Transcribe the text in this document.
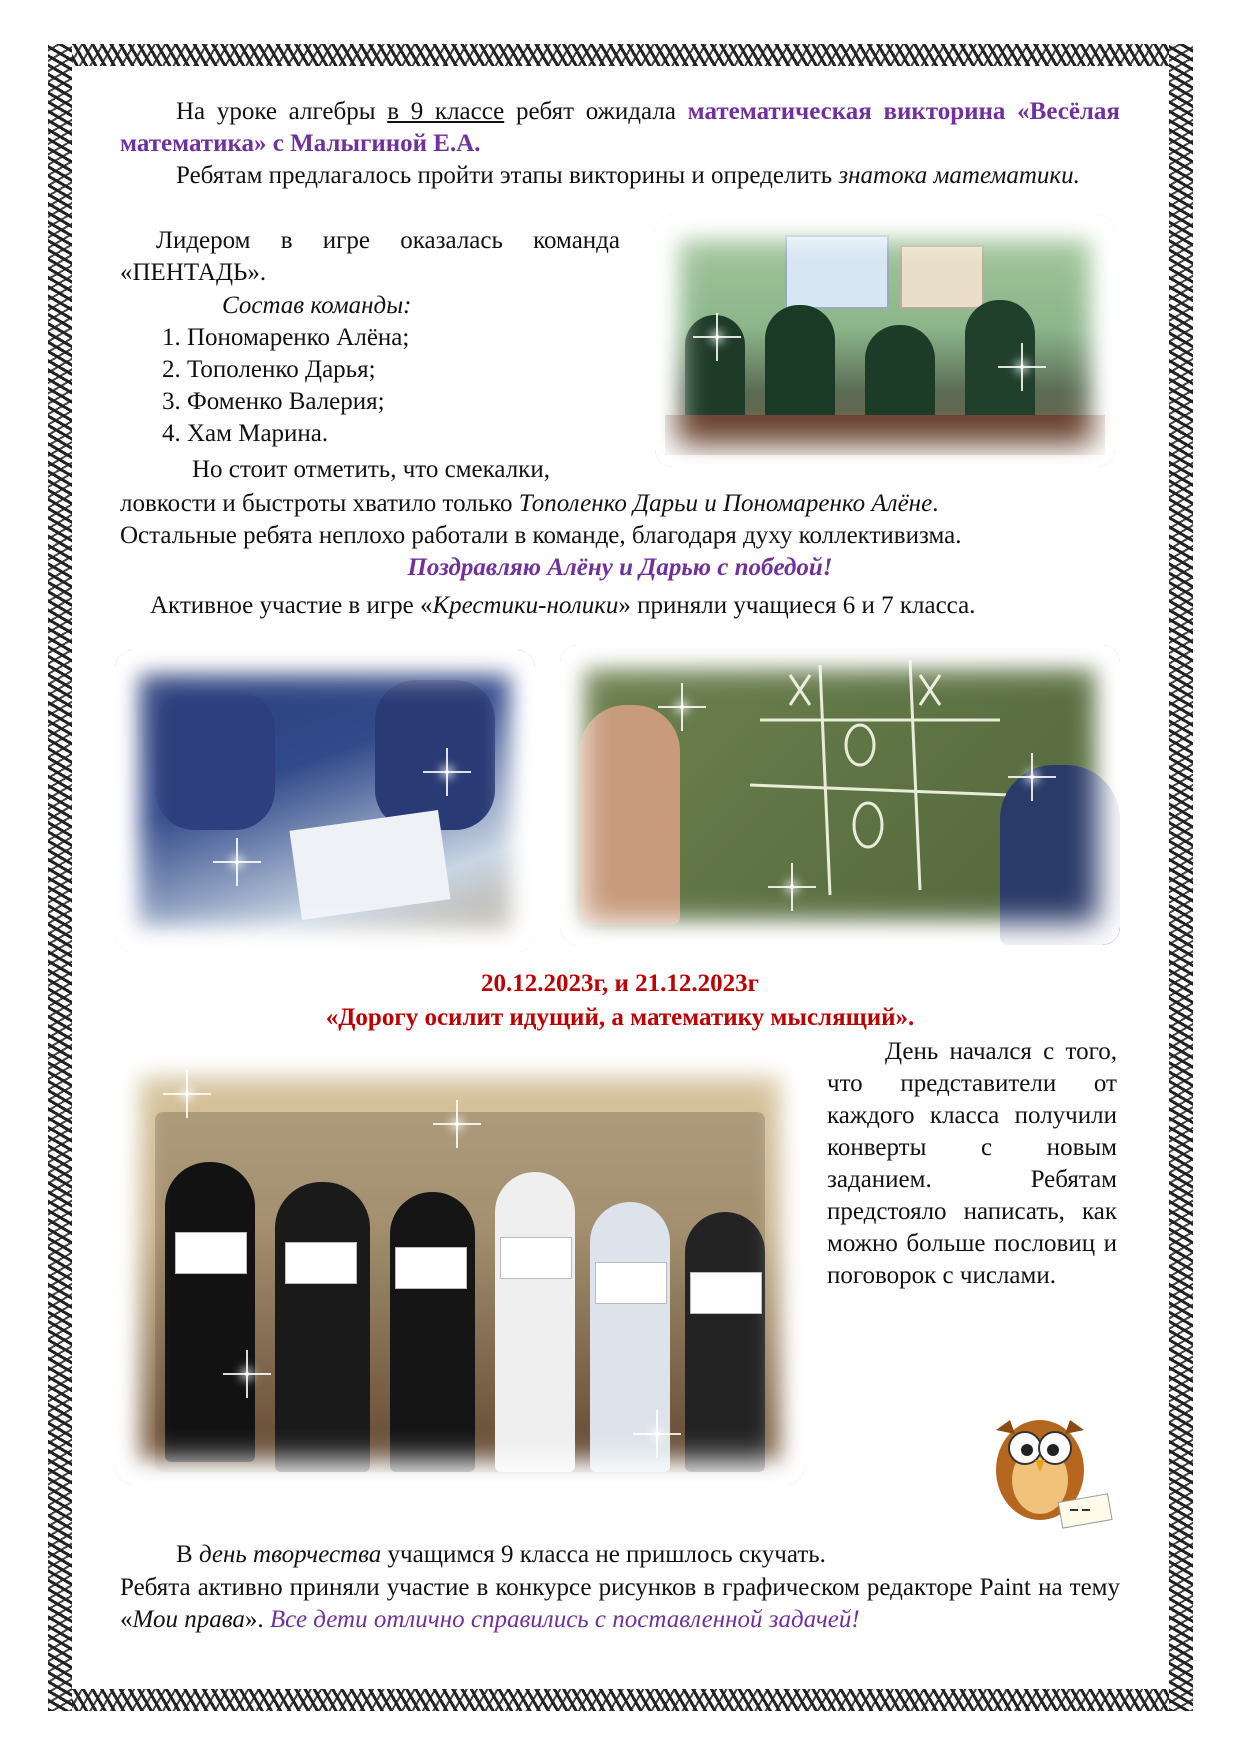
На уроке алгебры в 9 классе ребят ожидала математическая викторина «Весёлая математика» с Малыгиной Е.А.
Ребятам предлагалось пройти этапы викторины и определить знатока математики.
Лидером в игре оказалась команда «ПЕНТАДЬ».
Состав команды:
1. Пономаренко Алёна;
2. Тополенко Дарья;
3. Фоменко Валерия;
4. Хам Марина.
Но стоит отметить, что смекалки,
ловкости и быстроты хватило только Тополенко Дарьи и Пономаренко Алёне.
Остальные ребята неплохо работали в команде, благодаря духу коллективизма.
Поздравляю Алёну и Дарью с победой!
Активное участие в игре «Крестики-нолики» приняли учащиеся 6 и 7 класса.
20.12.2023г, и 21.12.2023г
«Дорогу осилит идущий, а математику мыслящий».
День начался с того, что представители от каждого класса получили конверты с новым заданием. Ребятам предстояло написать, как можно больше пословиц и поговорок с числами.
В день творчества учащимся 9 класса не пришлось скучать.
Ребята активно приняли участие в конкурсе рисунков в графическом редакторе Paint на тему «Мои права». Все дети отлично справились с поставленной задачей!
